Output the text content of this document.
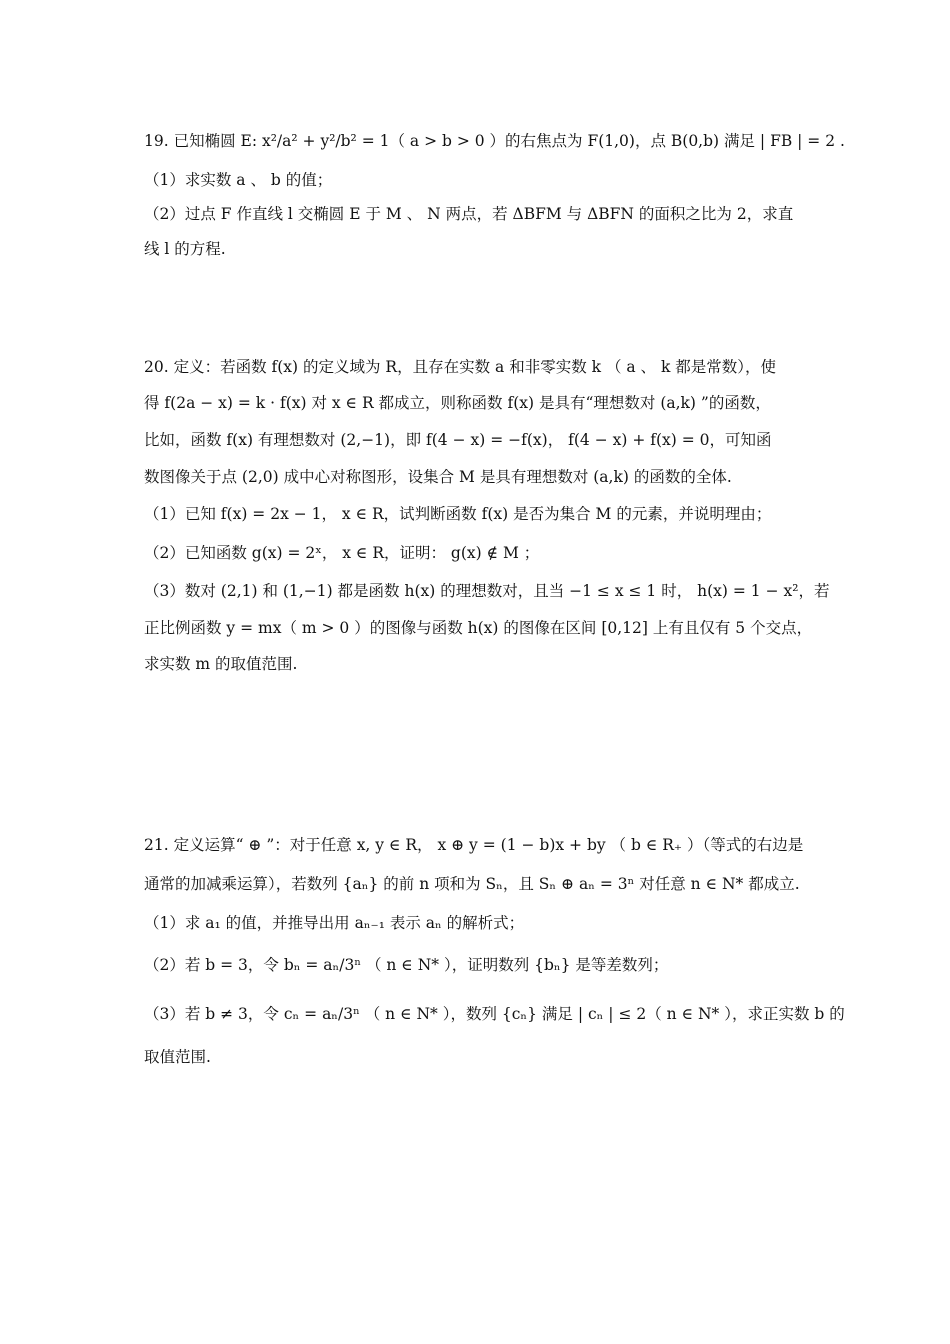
19. 已知椭圆 E: x²/a² + y²/b² = 1（ a > b > 0 ）的右焦点为 F(1,0)，点 B(0,b) 满足 | FB | = 2 .
（1）求实数 a 、 b 的值；
（2）过点 F 作直线 l 交椭圆 E 于 M 、 N 两点，若 ΔBFM 与 ΔBFN 的面积之比为 2，求直
线 l 的方程.
20. 定义：若函数 f(x) 的定义域为 R，且存在实数 a 和非零实数 k （ a 、 k 都是常数），使
得 f(2a − x) = k · f(x) 对 x ∈ R 都成立，则称函数 f(x) 是具有“理想数对 (a,k) ”的函数，
比如，函数 f(x) 有理想数对 (2,−1)，即 f(4 − x) = −f(x)， f(4 − x) + f(x) = 0，可知函
数图像关于点 (2,0) 成中心对称图形，设集合 M 是具有理想数对 (a,k) 的函数的全体.
（1）已知 f(x) = 2x − 1， x ∈ R，试判断函数 f(x) 是否为集合 M 的元素，并说明理由；
（2）已知函数 g(x) = 2ˣ， x ∈ R，证明： g(x) ∉ M ；
（3）数对 (2,1) 和 (1,−1) 都是函数 h(x) 的理想数对，且当 −1 ≤ x ≤ 1 时， h(x) = 1 − x²，若
正比例函数 y = mx（ m > 0 ）的图像与函数 h(x) 的图像在区间 [0,12] 上有且仅有 5 个交点，
求实数 m 的取值范围.
21. 定义运算“ ⊕ ”：对于任意 x, y ∈ R， x ⊕ y = (1 − b)x + by （ b ∈ R₊ ）（等式的右边是
通常的加减乘运算），若数列 {aₙ} 的前 n 项和为 Sₙ，且 Sₙ ⊕ aₙ = 3ⁿ 对任意 n ∈ N* 都成立.
（1）求 a₁ 的值，并推导出用 aₙ₋₁ 表示 aₙ 的解析式；
（2）若 b = 3，令 bₙ = aₙ/3ⁿ （ n ∈ N* ），证明数列 {bₙ} 是等差数列；
（3）若 b ≠ 3，令 cₙ = aₙ/3ⁿ （ n ∈ N* ），数列 {cₙ} 满足 | cₙ | ≤ 2（ n ∈ N* ），求正实数 b 的
取值范围.
